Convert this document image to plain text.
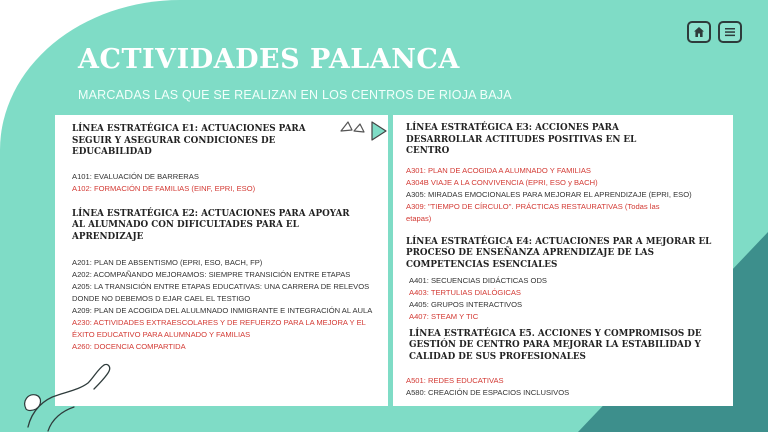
ACTIVIDADES PALANCA

MARCADAS LAS QUE SE REALIZAN EN LOS CENTROS DE RIOJA BAJA

LÍNEA ESTRATÉGICA E1: ACTUACIONES PARA SEGUIR Y ASEGURAR CONDICIONES DE EDUCABILIDAD

A101: EVALUACIÓN DE BARRERAS

A102: FORMACIÓN DE FAMILIAS (EINF, EPRI, ESO)

LÍNEA ESTRATÉGICA E2: ACTUACIONES PARA APOYAR AL ALUMNADO CON DIFICULTADES PARA EL APRENDIZAJE

A201: PLAN DE ABSENTISMO (EPRI, ESO, BACH, FP)

A202: ACOMPAÑANDO MEJORAMOS: SIEMPRE TRANSICIÓN ENTRE ETAPAS

A205: LA TRANSICIÓN ENTRE ETAPAS EDUCATIVAS: UNA CARRERA DE RELEVOS DONDE NO DEBEMOS D EJAR CAEL EL TESTIGO

A209: PLAN DE ACOGIDA DEL ALULMNADO INMIGRANTE E INTEGRACIÓN AL AULA

A230: ACTIVIDADES EXTRAESCOLARES Y DE REFUERZO PARA LA MEJORA Y EL ÉXITO EDUCATIVO PARA ALUMNADO Y FAMILIAS

A260: DOCENCIA COMPARTIDA

LÍNEA ESTRATÉGICA E3: ACCIONES PARA DESARROLLAR ACTITUDES POSITIVAS EN EL CENTRO

A301: PLAN DE ACOGIDA A ALUMNADO Y FAMILIAS

A304B VIAJE A LA CONVIVENCIA (EPRI, ESO y BACH)

A305: MIRADAS EMOCIONALES PARA MEJORAR EL APRENDIZAJE (EPRI, ESO)

A309: "TIEMPO DE CÍRCULO". PRÁCTICAS RESTAURATIVAS (Todas las etapas)

LÍNEA ESTRATÉGICA E4: ACTUACIONES PAR A MEJORAR EL PROCESO DE ENSEÑANZA APRENDIZAJE DE LAS COMPETENCIAS ESENCIALES

A401: SECUENCIAS DIDÁCTICAS ODS

A403: TERTULIAS DIALÓGICAS

A405: GRUPOS INTERACTIVOS

A407: STEAM Y TIC

LÍNEA ESTRATÉGICA E5. ACCIONES Y COMPROMISOS DE GESTIÓN DE CENTRO PARA MEJORAR LA ESTABILIDAD Y CALIDAD DE SUS PROFESIONALES

A501: REDES EDUCATIVAS

A580: CREACIÓN DE ESPACIOS INCLUSIVOS
